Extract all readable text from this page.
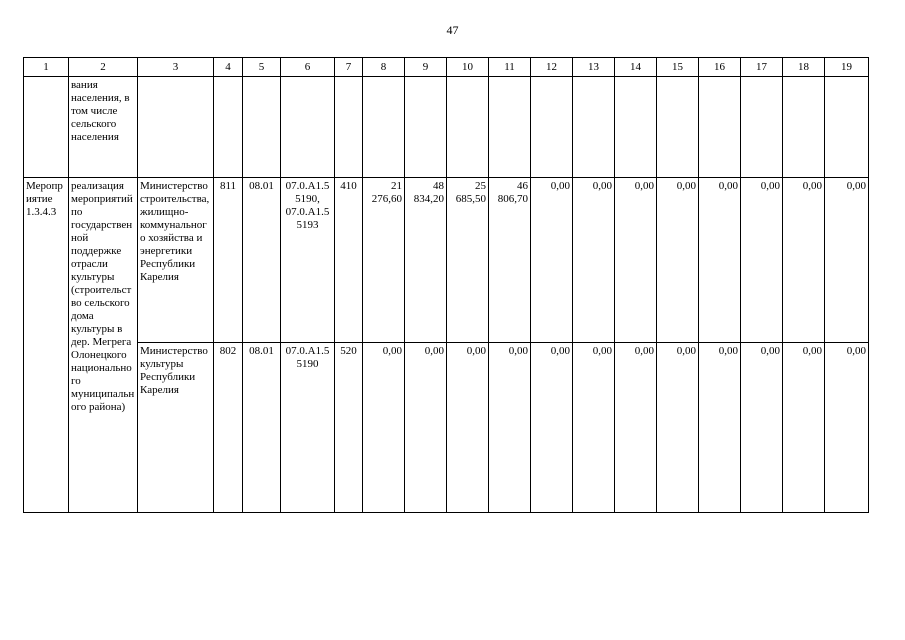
47
1	2	3	4	5	6	7	8	9	10	11	12	13	14	15	16	17	18	19
	вания населения, в том числе сельского населения																	
Мероприятие 1.3.4.3	реализация мероприятий по государственной поддержке отрасли культуры (строительство сельского дома культуры в дер. Мегрега Олонецкого национального муниципального района)	Министерство строительства, жилищно-коммунального хозяйства и энергетики Республики Карелия	811	08.01	07.0.А1.55190, 07.0.А1.55193	410	21 276,60	48 834,20	25 685,50	46 806,70	0,00	0,00	0,00	0,00	0,00	0,00	0,00	0,00
		Министерство культуры Республики Карелия	802	08.01	07.0.А1.55190	520	0,00	0,00	0,00	0,00	0,00	0,00	0,00	0,00	0,00	0,00	0,00	0,00
